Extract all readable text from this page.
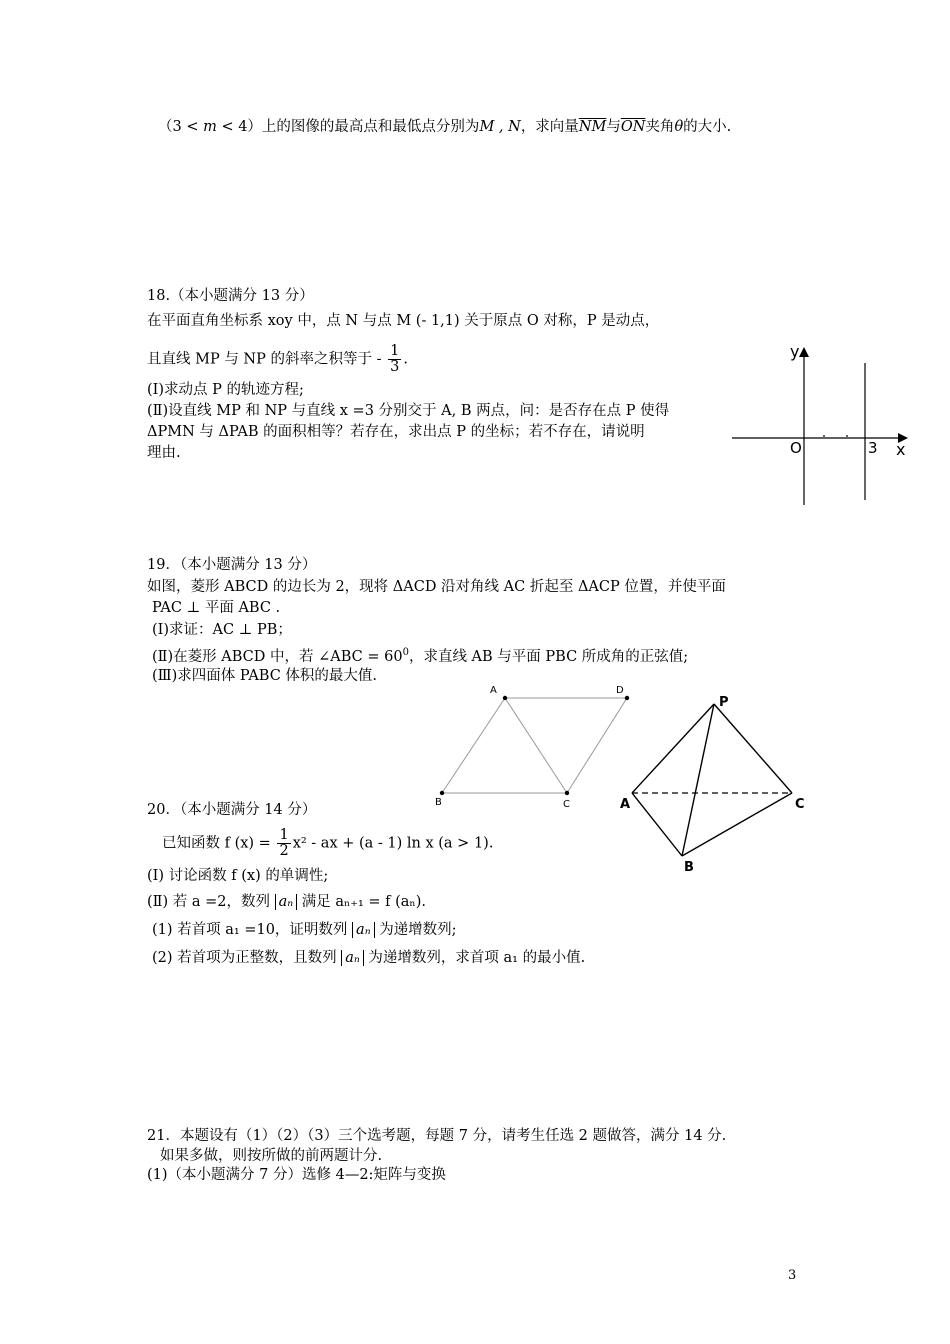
（3 < m < 4）上的图像的最高点和最低点分别为M , N，求向量$\overline{NM}$与$\overline{ON}$夹角θ的大小.
18.（本小题满分 13 分）
在平面直角坐标系 xoy 中，点 N 与点 M (- 1,1) 关于原点 O 对称，P 是动点，
且直线 MP 与 NP 的斜率之积等于 - $\frac{1}{3}$ .
(Ⅰ)求动点 P 的轨迹方程;
(Ⅱ)设直线 MP 和 NP 与直线 x =3 分别交于 A, B 两点，问：是否存在点 P 使得
ΔPMN 与 ΔPAB 的面积相等？若存在，求出点 P 的坐标；若不存在，请说明
理由.
y
x
O	3
19．（本小题满分 13 分）
如图，菱形 ABCD 的边长为 2，现将 ΔACD 沿对角线 AC 折起至 ΔACP 位置，并使平面
PAC ⊥ 平面 ABC .
(Ⅰ)求证：AC ⊥ PB；
(Ⅱ)在菱形 ABCD 中，若 ∠ABC = $60^0$，求直线 AB 与平面 PBC 所成角的正弦值;
(Ⅲ)求四面体 PABC 体积的最大值.
A	D
B	C
P
A	C
B
20．（本小题满分 14 分）
已知函数 f $(x) = \frac{1}{2} x^2$ - ax + (a - 1) ln x (a > 1).
(Ⅰ) 讨论函数 f (x) 的单调性;
(Ⅱ) 若 a =2，数列 aₙ 满足 aₙ₊₁ = f (aₙ).
(1) 若首项 a₁ =10，证明数列 aₙ 为递增数列;
(2) 若首项为正整数，且数列 aₙ 为递增数列，求首项 a₁ 的最小值.
21．本题设有（1）（2）（3）三个选考题，每题 7 分，请考生任选 2 题做答，满分 14 分.
如果多做，则按所做的前两题计分.
(1)（本小题满分 7 分）选修 4—2:矩阵与变换
3
